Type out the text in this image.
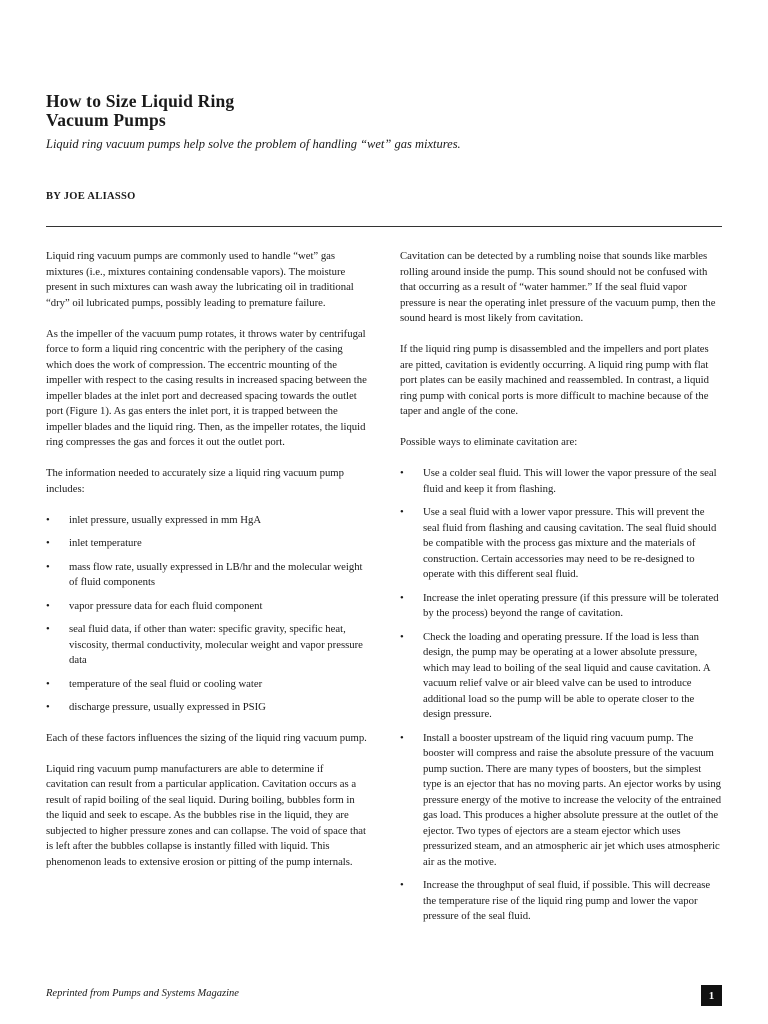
How to Size Liquid Ring
Vacuum Pumps
Liquid ring vacuum pumps help solve the problem of handling “wet” gas mixtures.
BY JOE ALIASSO

Liquid ring vacuum pumps are commonly used to handle “wet” gas mixtures (i.e., mixtures containing condensable vapors). The moisture present in such mixtures can wash away the lubricating oil in traditional “dry” oil lubricated pumps, possibly leading to premature failure.

As the impeller of the vacuum pump rotates, it throws water by centrifugal force to form a liquid ring concentric with the periphery of the casing which does the work of compression. The eccentric mounting of the impeller with respect to the casing results in increased spacing between the impeller blades at the inlet port and decreased spacing towards the outlet port (Figure 1). As gas enters the inlet port, it is trapped between the impeller blades and the liquid ring. Then, as the impeller rotates, the liquid ring compresses the gas and forces it out the outlet port.

The information needed to accurately size a liquid ring vacuum pump includes:

• inlet pressure, usually expressed in mm HgA
• inlet temperature
• mass flow rate, usually expressed in LB/hr and the molecular weight of fluid components
• vapor pressure data for each fluid component
• seal fluid data, if other than water: specific gravity, specific heat, viscosity, thermal conductivity, molecular weight and vapor pressure data
• temperature of the seal fluid or cooling water
• discharge pressure, usually expressed in PSIG

Each of these factors influences the sizing of the liquid ring vacuum pump.

Liquid ring vacuum pump manufacturers are able to determine if cavitation can result from a particular application. Cavitation occurs as a result of rapid boiling of the seal liquid. During boiling, bubbles form in the liquid and seek to escape. As the bubbles rise in the liquid, they are subjected to higher pressure zones and can collapse. The void of space that is left after the bubbles collapse is instantly filled with liquid. This phenomenon leads to extensive erosion or pitting of the pump internals.

Cavitation can be detected by a rumbling noise that sounds like marbles rolling around inside the pump. This sound should not be confused with that occurring as a result of “water hammer.” If the seal fluid vapor pressure is near the operating inlet pressure of the vacuum pump, then the sound heard is most likely from cavitation.

If the liquid ring pump is disassembled and the impellers and port plates are pitted, cavitation is evidently occurring. A liquid ring pump with flat port plates can be easily machined and reassembled. In contrast, a liquid ring pump with conical ports is more difficult to machine because of the taper and angle of the cone.

Possible ways to eliminate cavitation are:

• Use a colder seal fluid. This will lower the vapor pressure of the seal fluid and keep it from flashing.
• Use a seal fluid with a lower vapor pressure. This will prevent the seal fluid from flashing and causing cavitation. The seal fluid should be compatible with the process gas mixture and the materials of construction. Certain accessories may need to be re-designed to operate with this different seal fluid.
• Increase the inlet operating pressure (if this pressure will be tolerated by the process) beyond the range of cavitation.
• Check the loading and operating pressure. If the load is less than design, the pump may be operating at a lower absolute pressure, which may lead to boiling of the seal liquid and cause cavitation. A vacuum relief valve or air bleed valve can be used to introduce additional load so the pump will be able to operate closer to the design pressure.
• Install a booster upstream of the liquid ring vacuum pump. The booster will compress and raise the absolute pressure of the vacuum pump suction. There are many types of boosters, but the simplest type is an ejector that has no moving parts. An ejector works by using pressure energy of the motive to increase the velocity of the entrained gas load. This produces a higher absolute pressure at the outlet of the ejector. Two types of ejectors are a steam ejector which uses pressurized steam, and an atmospheric air jet which uses atmospheric air as the motive.
• Increase the throughput of seal fluid, if possible. This will decrease the temperature rise of the liquid ring pump and lower the vapor pressure of the seal fluid.
Reprinted from Pumps and Systems Magazine	1
